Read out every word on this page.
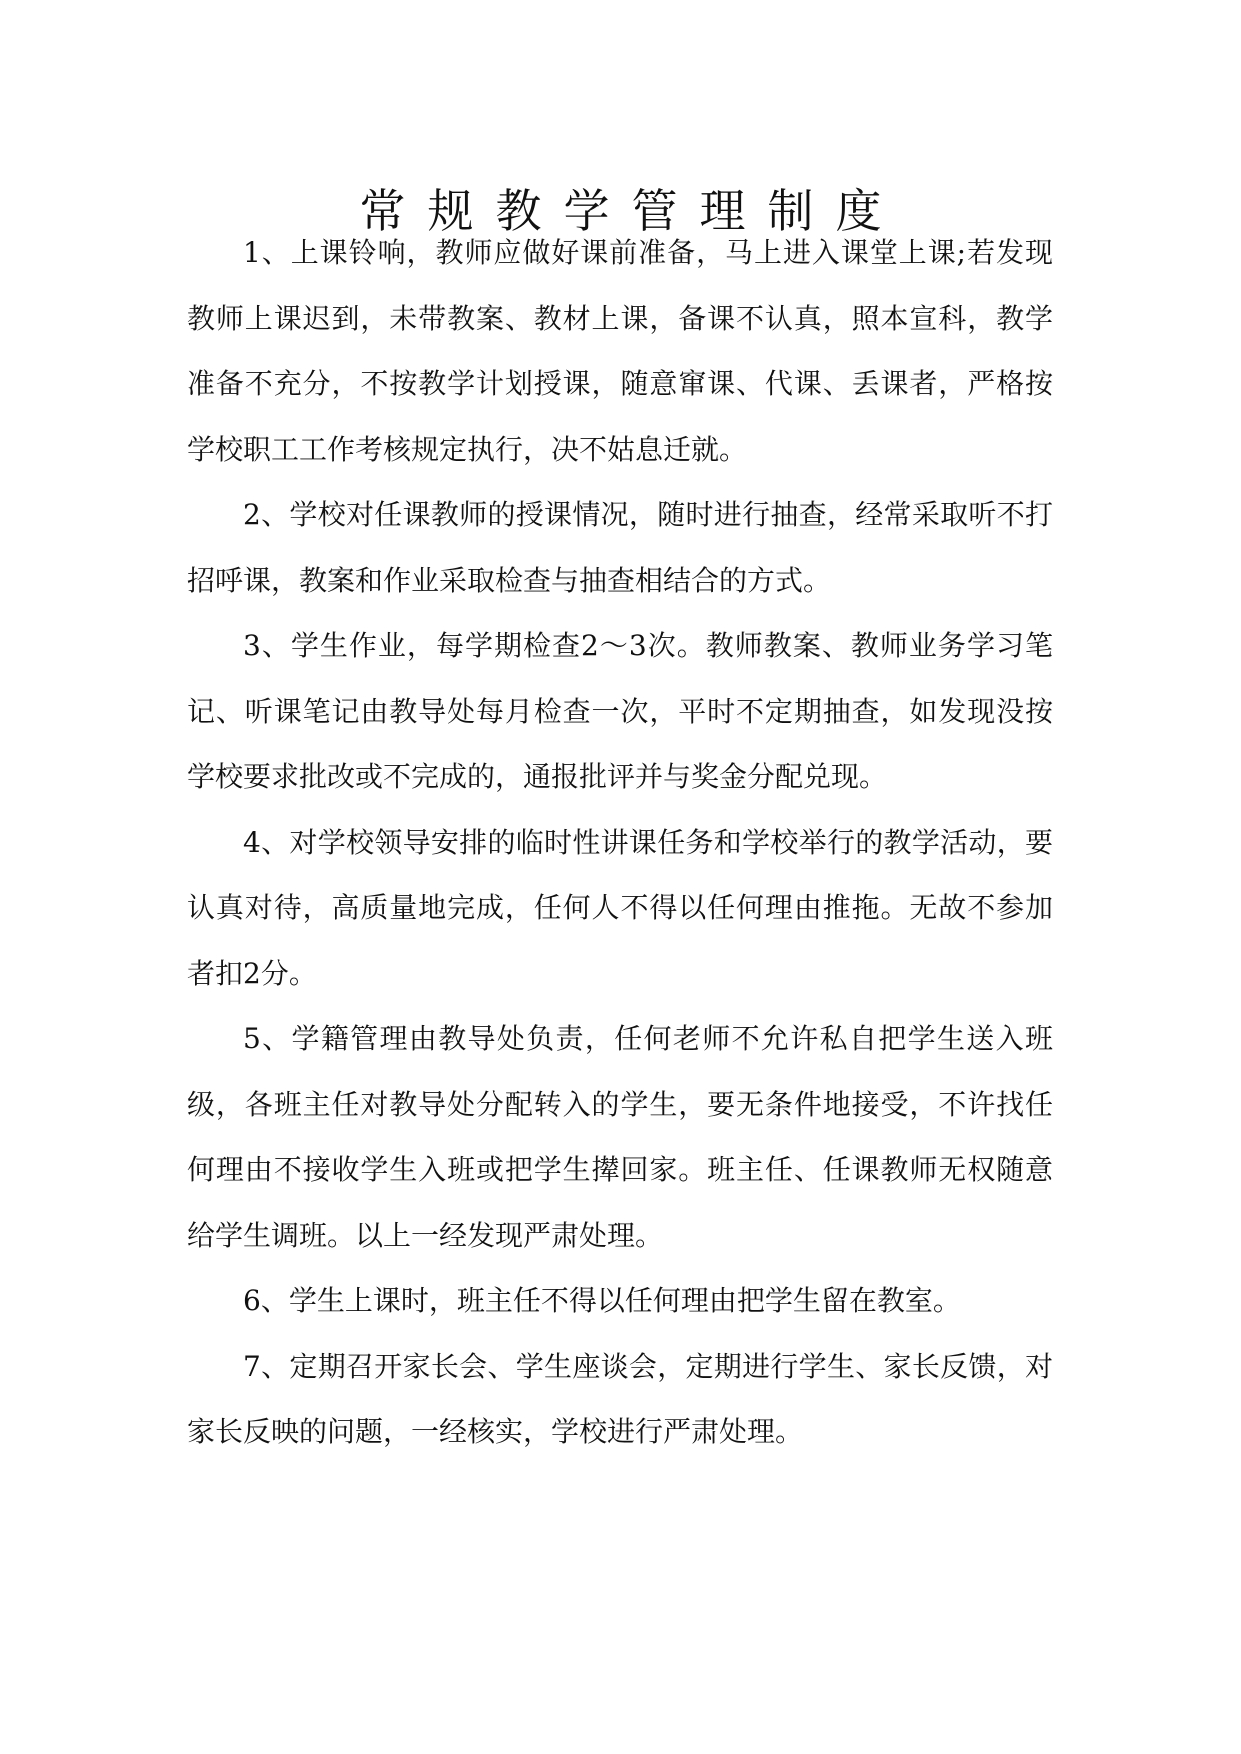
常规教学管理制度

1、上课铃响，教师应做好课前准备，马上进入课堂上课;若发现教师上课迟到，未带教案、教材上课，备课不认真，照本宣科，教学准备不充分，不按教学计划授课，随意窜课、代课、丢课者，严格按学校职工工作考核规定执行，决不姑息迁就。

2、学校对任课教师的授课情况，随时进行抽查，经常采取听不打招呼课，教案和作业采取检查与抽查相结合的方式。

3、学生作业，每学期检查2～3次。教师教案、教师业务学习笔记、听课笔记由教导处每月检查一次，平时不定期抽查，如发现没按学校要求批改或不完成的，通报批评并与奖金分配兑现。

4、对学校领导安排的临时性讲课任务和学校举行的教学活动，要认真对待，高质量地完成，任何人不得以任何理由推拖。无故不参加者扣2分。

5、学籍管理由教导处负责，任何老师不允许私自把学生送入班级，各班主任对教导处分配转入的学生，要无条件地接受，不许找任何理由不接收学生入班或把学生撵回家。班主任、任课教师无权随意给学生调班。以上一经发现严肃处理。

6、学生上课时，班主任不得以任何理由把学生留在教室。

7、定期召开家长会、学生座谈会，定期进行学生、家长反馈，对家长反映的问题，一经核实，学校进行严肃处理。
